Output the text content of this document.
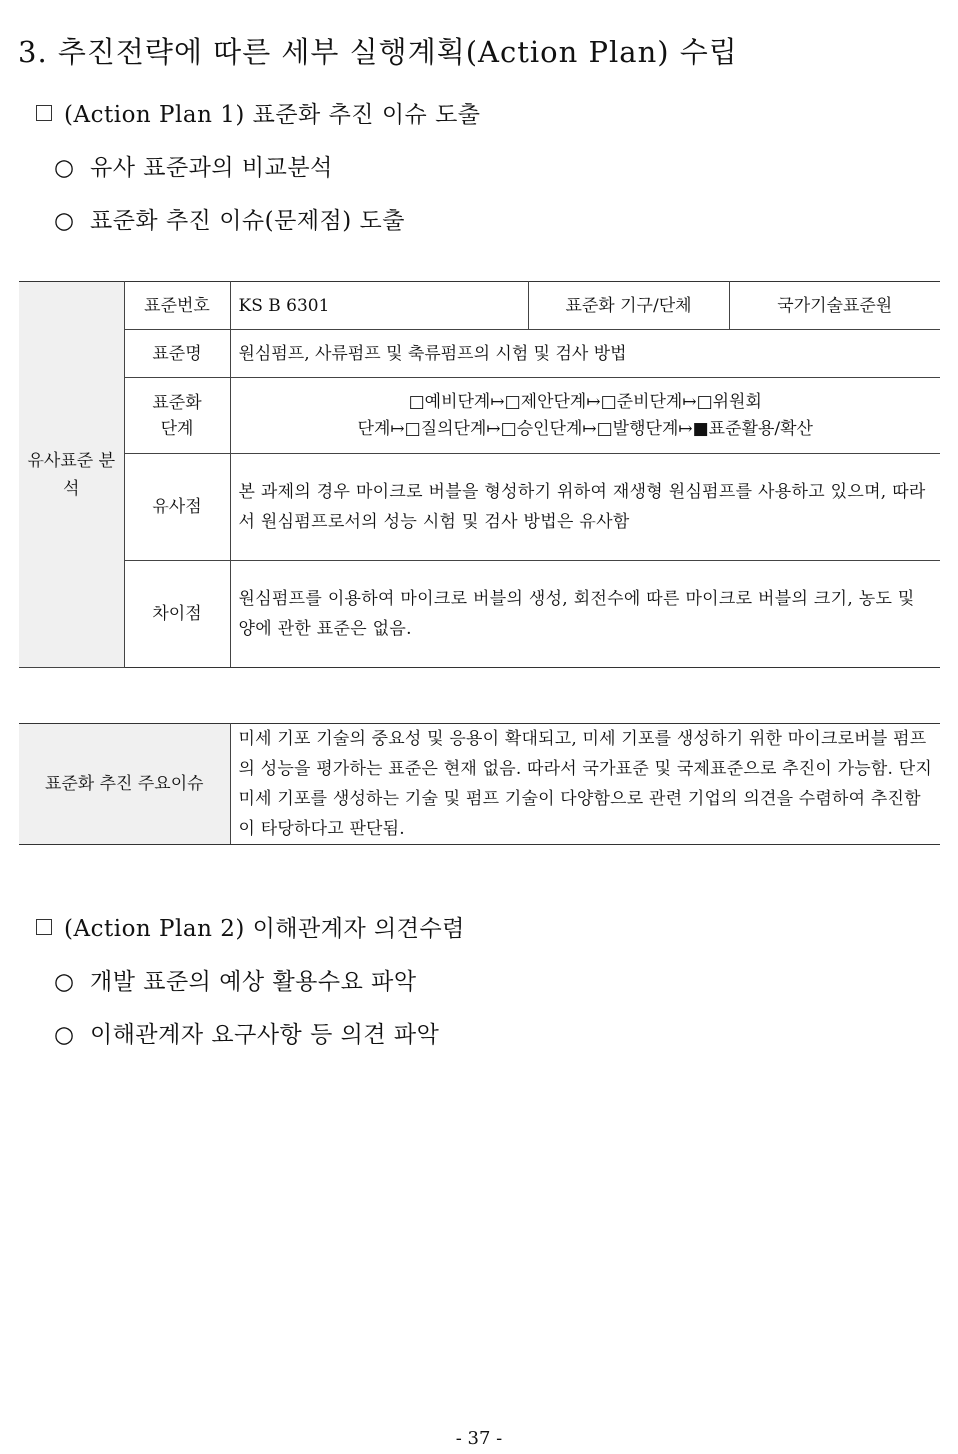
3. 추진전략에 따른 세부 실행계획(Action Plan) 수립
(Action Plan 1) 표준화 추진 이슈 도출
○ 유사 표준과의 비교분석
○ 표준화 추진 이슈(문제점) 도출
유사표준 분석	표준번호	KS B 6301	표준화 기구/단체	국가기술표준원
	표준명	원심펌프, 사류펌프 및 축류펌프의 시험 및 검사 방법		
	표준화 단계	□예비단계↦□제안단계↦□준비단계↦□위원회
단계↦□질의단계↦□승인단계↦□발행단계↦■표준활용/확산		

	유사점	본 과제의 경우 마이크로 버블을 형성하기 위하여 재생형 원심펌프를 사용하고 있으며, 따라서 원심펌프로서의 성능 시험 및 검사 방법은 유사함		
	차이점	원심펌프를 이용하여 마이크로 버블의 생성, 회전수에 따른 마이크로 버블의 크기, 농도 및 양에 관한 표준은 없음.		
표준화 추진 주요이슈	미세 기포 기술의 중요성 및 응용이 확대되고, 미세 기포를 생성하기 위한 마이크로버블 펌프의 성능을 평가하는 표준은 현재 없음. 따라서 국가표준 및 국제표준으로 추진이 가능함. 단지 미세 기포를 생성하는 기술 및 펌프 기술이 다양함으로 관련 기업의 의견을 수렴하여 추진함이 타당하다고 판단됨.
(Action Plan 2) 이해관계자 의견수렴
○ 개발 표준의 예상 활용수요 파악
○ 이해관계자 요구사항 등 의견 파악
- 37 -
